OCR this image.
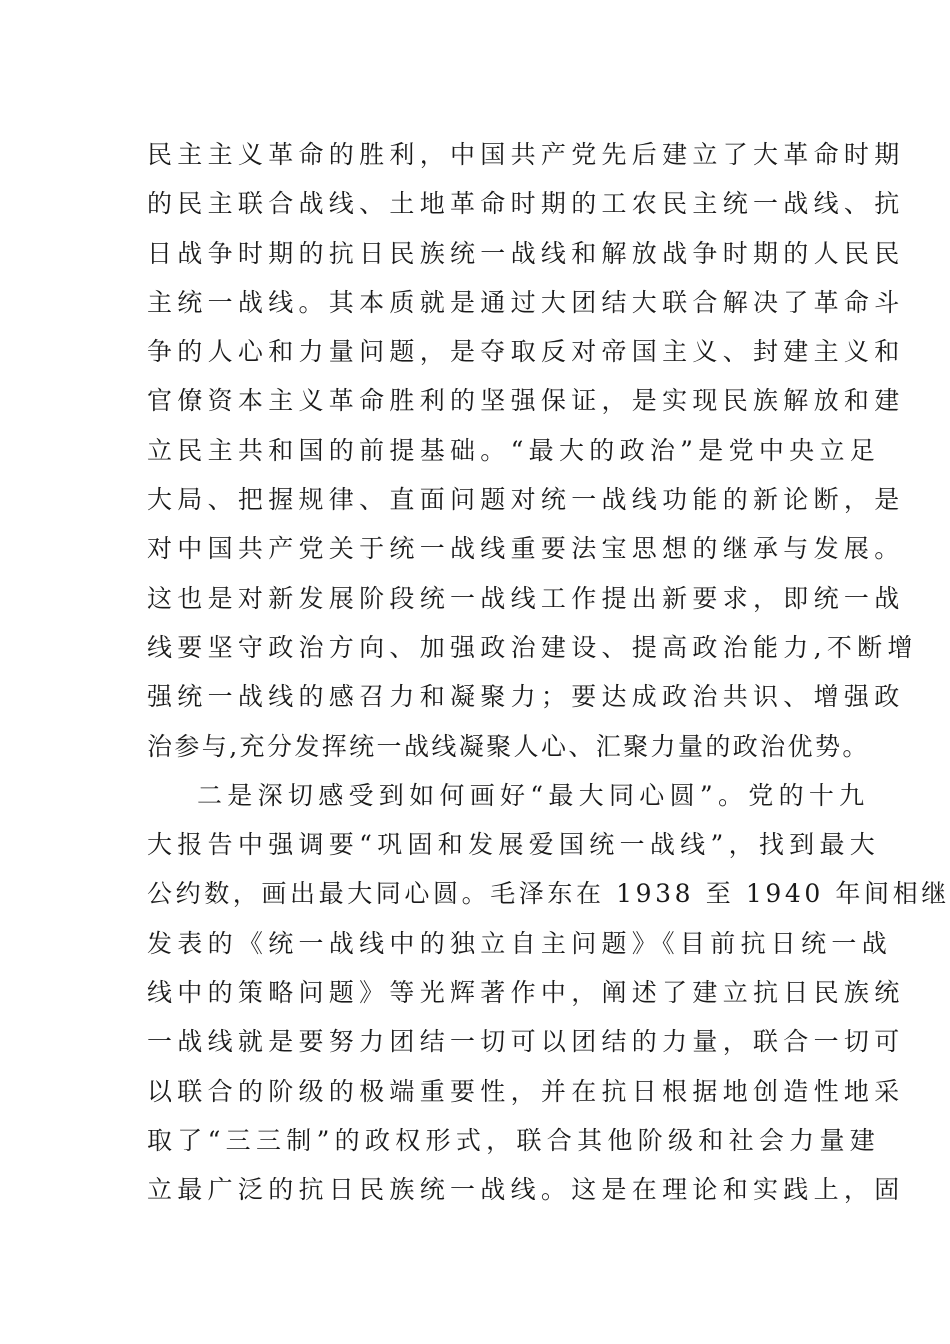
民主主义革命的胜利，中国共产党先后建立了大革命时期
的民主联合战线、土地革命时期的工农民主统一战线、抗
日战争时期的抗日民族统一战线和解放战争时期的人民民
主统一战线。其本质就是通过大团结大联合解决了革命斗
争的人心和力量问题，是夺取反对帝国主义、封建主义和
官僚资本主义革命胜利的坚强保证，是实现民族解放和建
立民主共和国的前提基础。“最大的政治”是党中央立足
大局、把握规律、直面问题对统一战线功能的新论断，是
对中国共产党关于统一战线重要法宝思想的继承与发展。
这也是对新发展阶段统一战线工作提出新要求，即统一战
线要坚守政治方向、加强政治建设、提高政治能力,不断增
强统一战线的感召力和凝聚力；要达成政治共识、增强政
治参与,充分发挥统一战线凝聚人心、汇聚力量的政治优势。
二是深切感受到如何画好“最大同心圆”。党的十九
大报告中强调要“巩固和发展爱国统一战线”，找到最大
公约数，画出最大同心圆。毛泽东在 1938 至 1940 年间相继
发表的《统一战线中的独立自主问题》《目前抗日统一战
线中的策略问题》等光辉著作中，阐述了建立抗日民族统
一战线就是要努力团结一切可以团结的力量，联合一切可
以联合的阶级的极端重要性，并在抗日根据地创造性地采
取了“三三制”的政权形式，联合其他阶级和社会力量建
立最广泛的抗日民族统一战线。这是在理论和实践上，固
